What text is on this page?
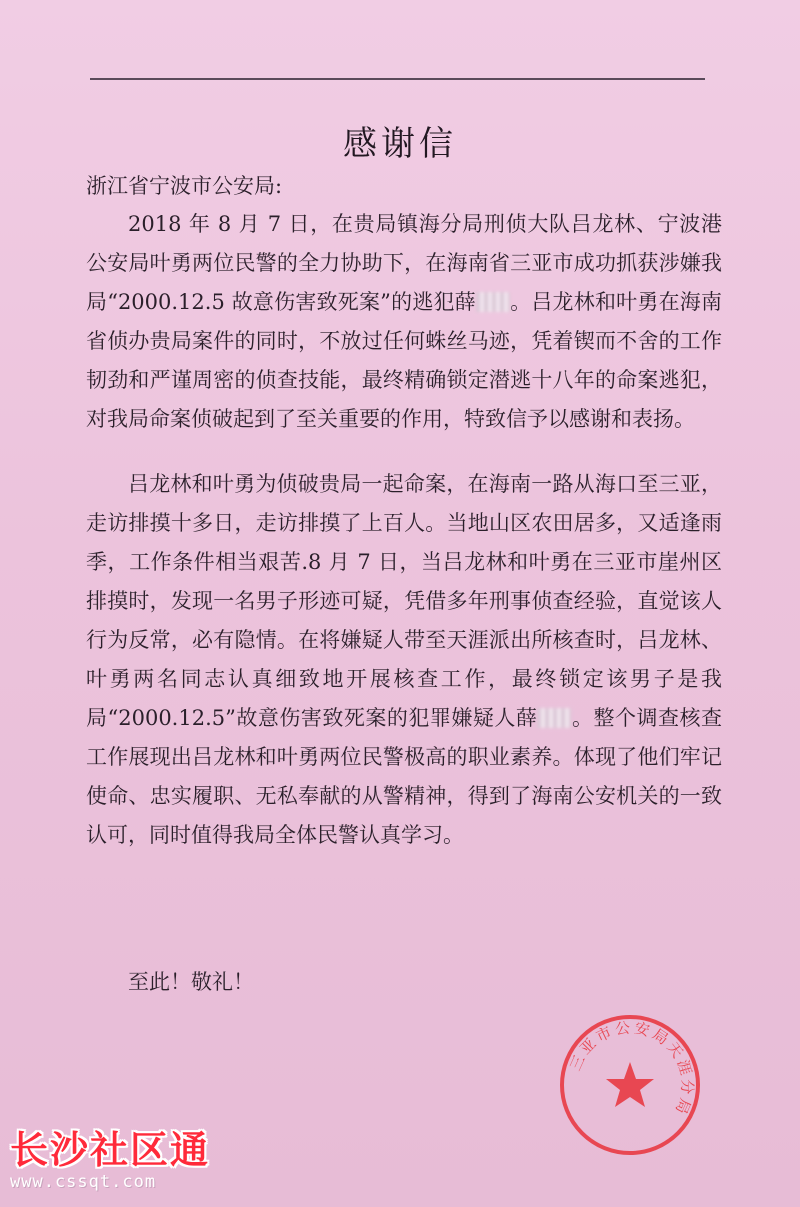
感谢信
浙江省宁波市公安局:

2018 年 8 月 7 日，在贵局镇海分局刑侦大队吕龙林、宁波港公安局叶勇两位民警的全力协助下，在海南省三亚市成功抓获涉嫌我局“2000.12.5 故意伤害致死案”的逃犯薛 。吕龙林和叶勇在海南省侦办贵局案件的同时，不放过任何蛛丝马迹，凭着锲而不舍的工作韧劲和严谨周密的侦查技能，最终精确锁定潜逃十八年的命案逃犯，对我局命案侦破起到了至关重要的作用，特致信予以感谢和表扬。

吕龙林和叶勇为侦破贵局一起命案，在海南一路从海口至三亚，走访排摸十多日，走访排摸了上百人。当地山区农田居多，又适逢雨季，工作条件相当艰苦.8 月 7 日，当吕龙林和叶勇在三亚市崖州区排摸时，发现一名男子形迹可疑，凭借多年刑事侦查经验，直觉该人行为反常，必有隐情。在将嫌疑人带至天涯派出所核查时，吕龙林、叶勇两名同志认真细致地开展核查工作，最终锁定该男子是我局“2000.12.5”故意伤害致死案的犯罪嫌疑人薛 。整个调查核查工作展现出吕龙林和叶勇两位民警极高的职业素养。体现了他们牢记使命、忠实履职、无私奉献的从警精神，得到了海南公安机关的一致认可，同时值得我局全体民警认真学习。

至此！敬礼！
三亚市公安局天涯分局
长沙社区通
www.cssqt.com
